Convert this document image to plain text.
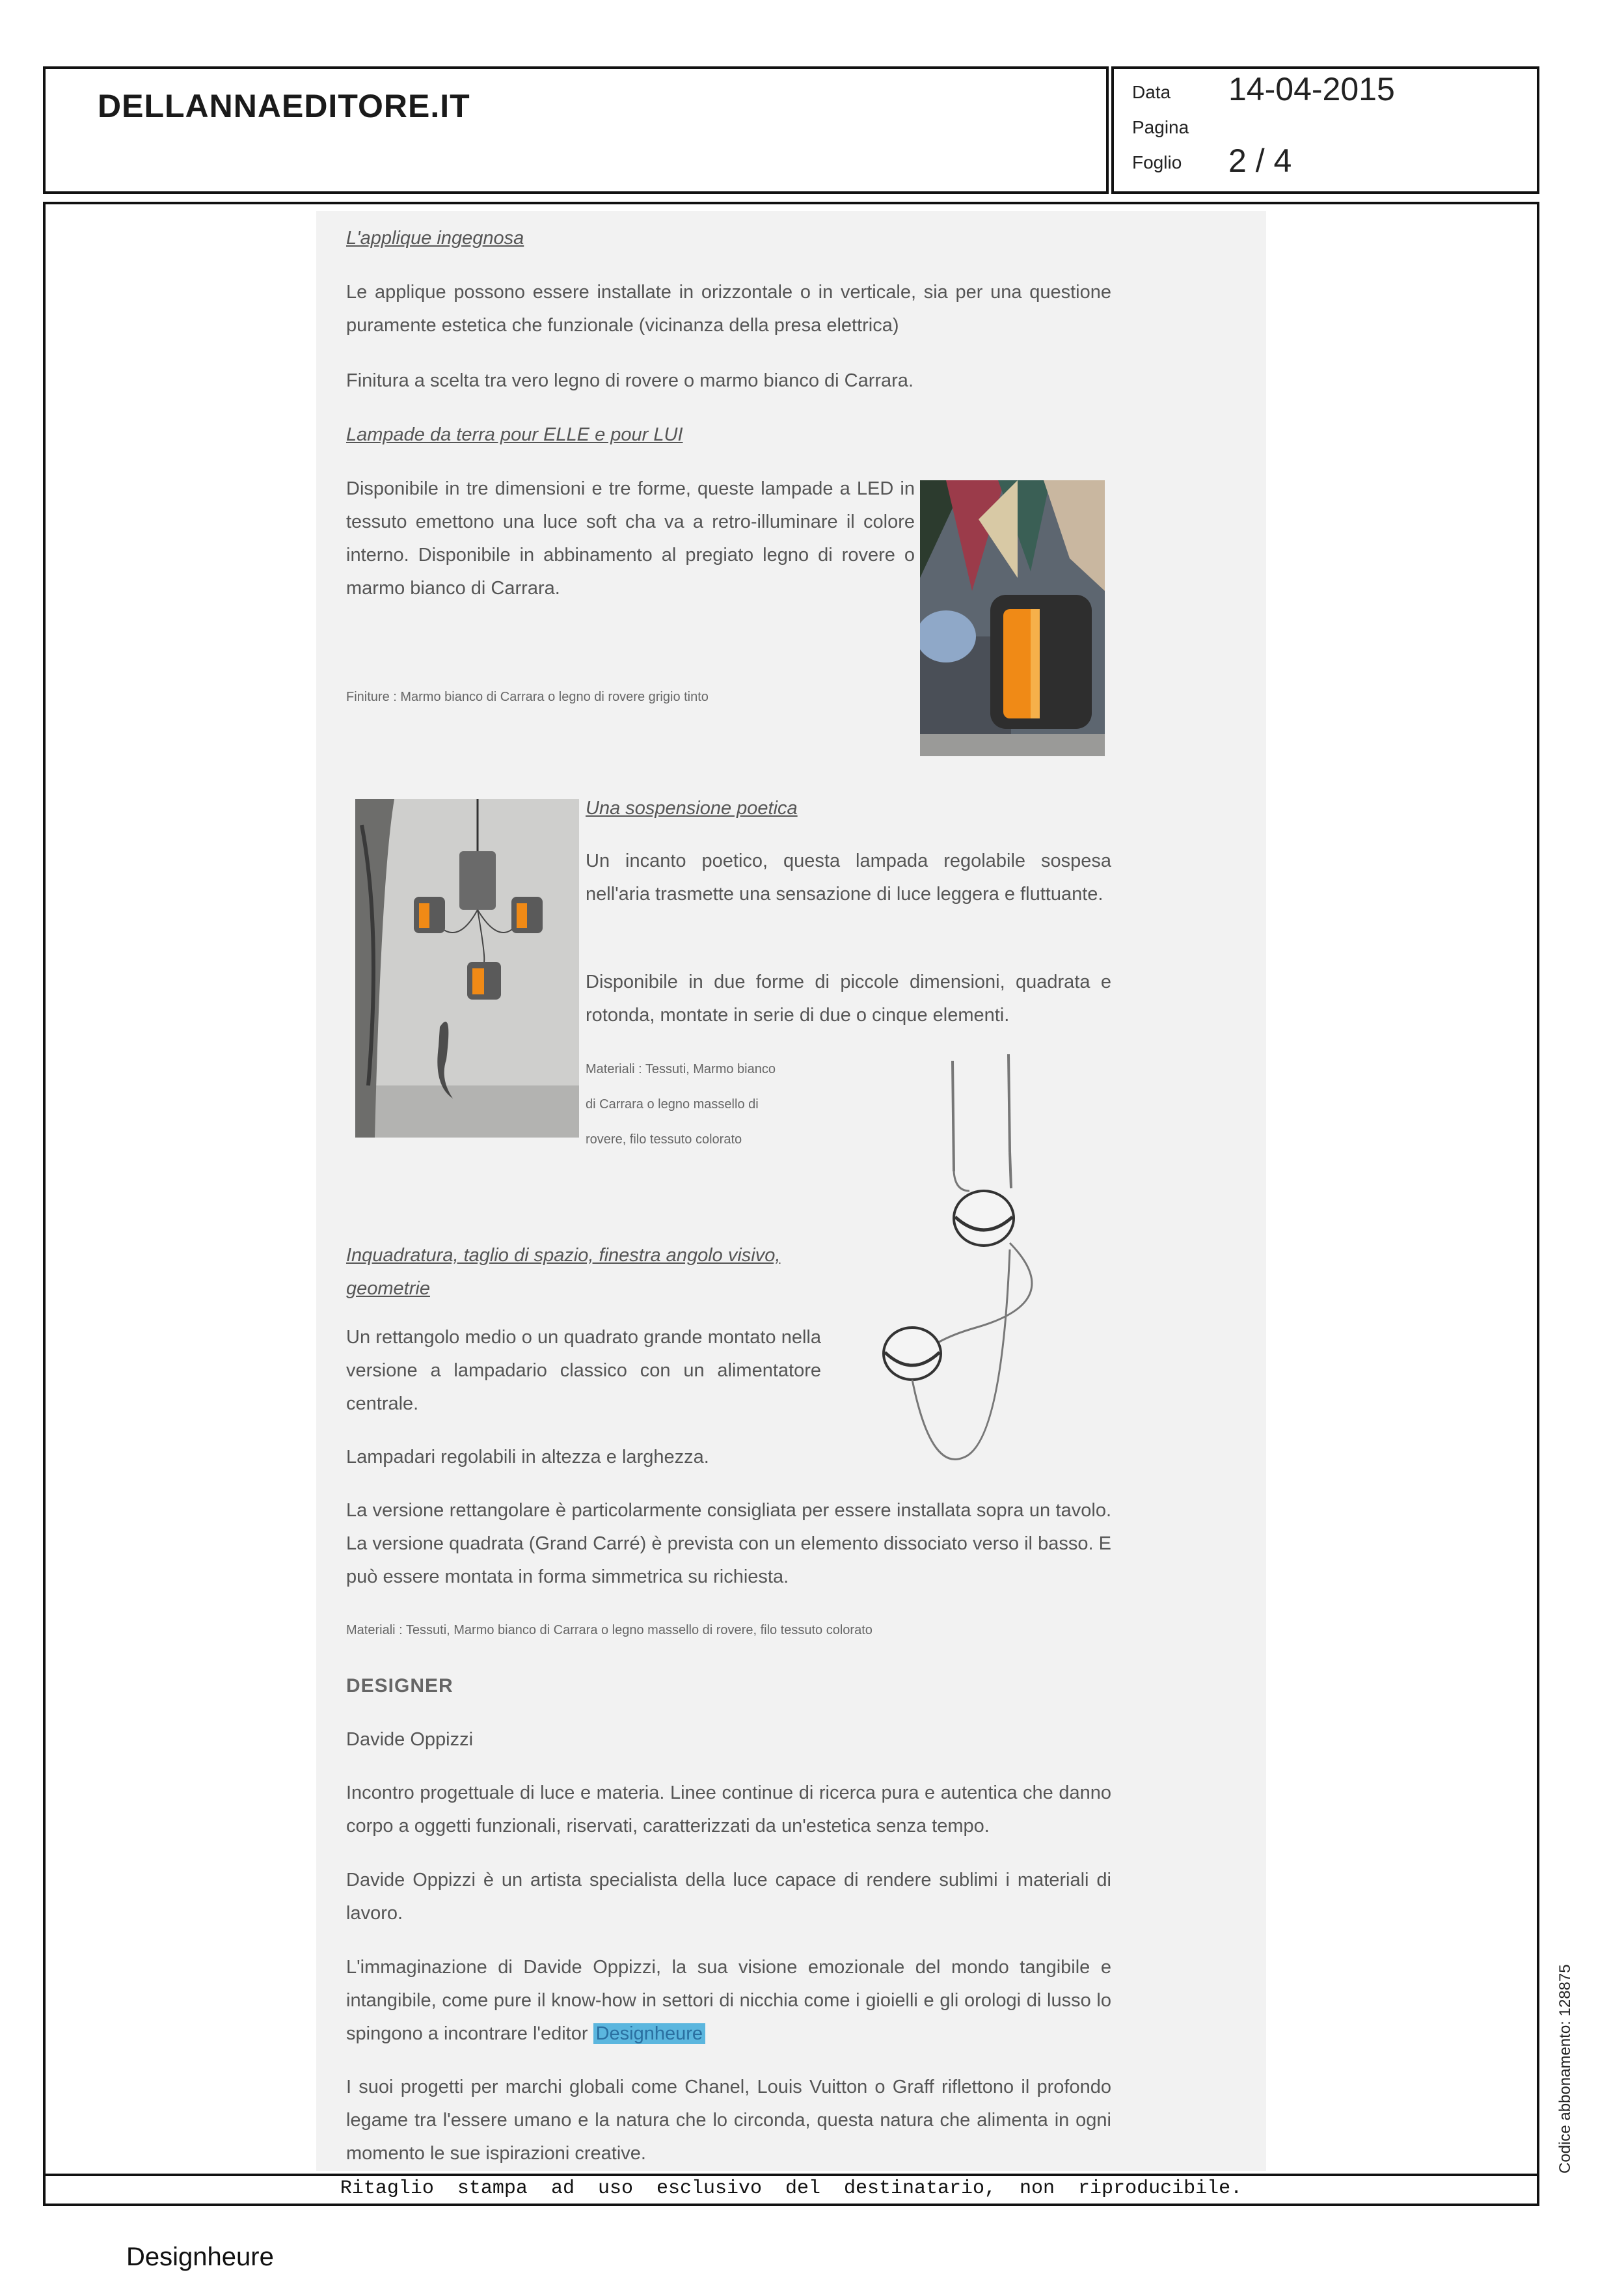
DELLANNAEDITORE.IT	Data 14-04-2015
Pagina
Foglio 2 / 4
L'applique ingegnosa
Le applique possono essere installate in orizzontale o in verticale, sia per una questione puramente estetica che funzionale (vicinanza della presa elettrica)
Finitura a scelta tra vero legno di rovere o marmo bianco di Carrara.
Lampade da terra pour ELLE e pour LUI
Disponibile in tre dimensioni e tre forme, queste lampade a LED in tessuto emettono una luce soft cha va a retro-illuminare il colore interno. Disponibile in abbinamento al pregiato legno di rovere o marmo bianco di Carrara.
Finiture : Marmo bianco di Carrara o legno di rovere grigio tinto
Una sospensione poetica
Un incanto poetico, questa lampada regolabile sospesa nell'aria trasmette una sensazione di luce leggera e fluttuante.
Disponibile in due forme di piccole dimensioni, quadrata e rotonda, montate in serie di due o cinque elementi.
Materiali : Tessuti, Marmo bianco
di Carrara o legno massello di
rovere, filo tessuto colorato
Inquadratura, taglio di spazio, finestra angolo visivo, geometrie
Un rettangolo medio o un quadrato grande montato nella versione a lampadario classico con un alimentatore centrale.
Lampadari regolabili in altezza e larghezza.
La versione rettangolare è particolarmente consigliata per essere installata sopra un tavolo. La versione quadrata (Grand Carré) è prevista con un elemento dissociato verso il basso. E può essere montata in forma simmetrica su richiesta.
Materiali : Tessuti, Marmo bianco di Carrara o legno massello di rovere, filo tessuto colorato
DESIGNER
Davide Oppizzi
Incontro progettuale di luce e materia. Linee continue di ricerca pura e autentica che danno corpo a oggetti funzionali, riservati, caratterizzati da un'estetica senza tempo.
Davide Oppizzi è un artista specialista della luce capace di rendere sublimi i materiali di lavoro.
L'immaginazione di Davide Oppizzi, la sua visione emozionale del mondo tangibile e intangibile, come pure il know-how in settori di nicchia come i gioielli e gli orologi di lusso lo spingono a incontrare l'editor Designheure
I suoi progetti per marchi globali come Chanel, Louis Vuitton o Graff riflettono il profondo legame tra l'essere umano e la natura che lo circonda, questa natura che alimenta in ogni momento le sue ispirazioni creative.
Ritaglio stampa ad uso esclusivo del destinatario, non riproducibile.
Codice abbonamento: 128875
Designheure
